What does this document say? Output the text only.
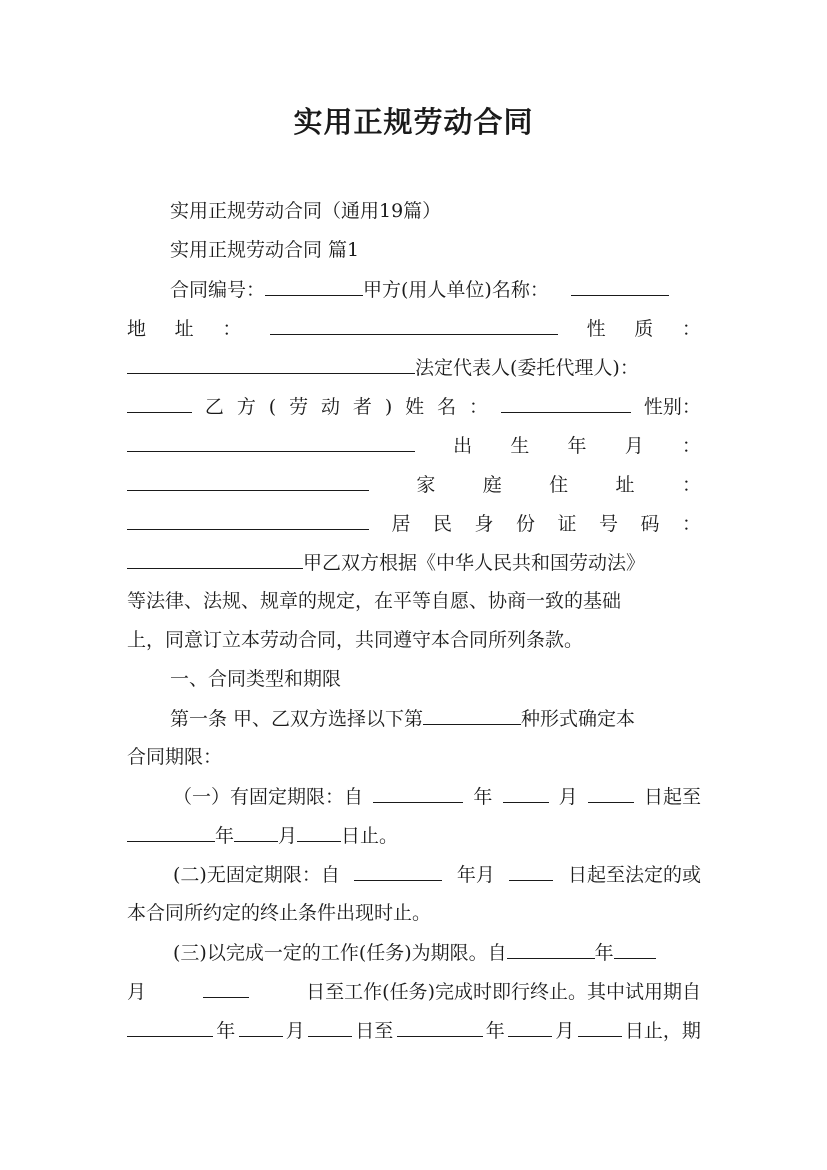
实用正规劳动合同
实用正规劳动合同（通用19篇）
实用正规劳动合同 篇1
合同编号：	甲方(用人单位)名称：
地 址 ：	性 质 ：
法定代表人(委托代理人)：
乙 方 ( 劳 动 者 ) 姓 名 ：	性别：
出 生 年 月 ：
家 庭 住 址 ：
居 民 身 份 证 号 码 ：
甲乙双方根据《中华人民共和国劳动法》
等法律、法规、规章的规定，在平等自愿、协商一致的基础
上，同意订立本劳动合同，共同遵守本合同所列条款。
一、合同类型和期限
第一条 甲、乙双方选择以下第	种形式确定本
合同期限：
（一）有固定期限：自	年	月	日起至
年 月 日止。
(二)无固定期限：自	年月	日起至法定的或
本合同所约定的终止条件出现时止。
(三)以完成一定的工作(任务)为期限。自	年
月	日至工作(任务)完成时即行终止。其中试用期自
年	月	日至	年	月	日止，期
